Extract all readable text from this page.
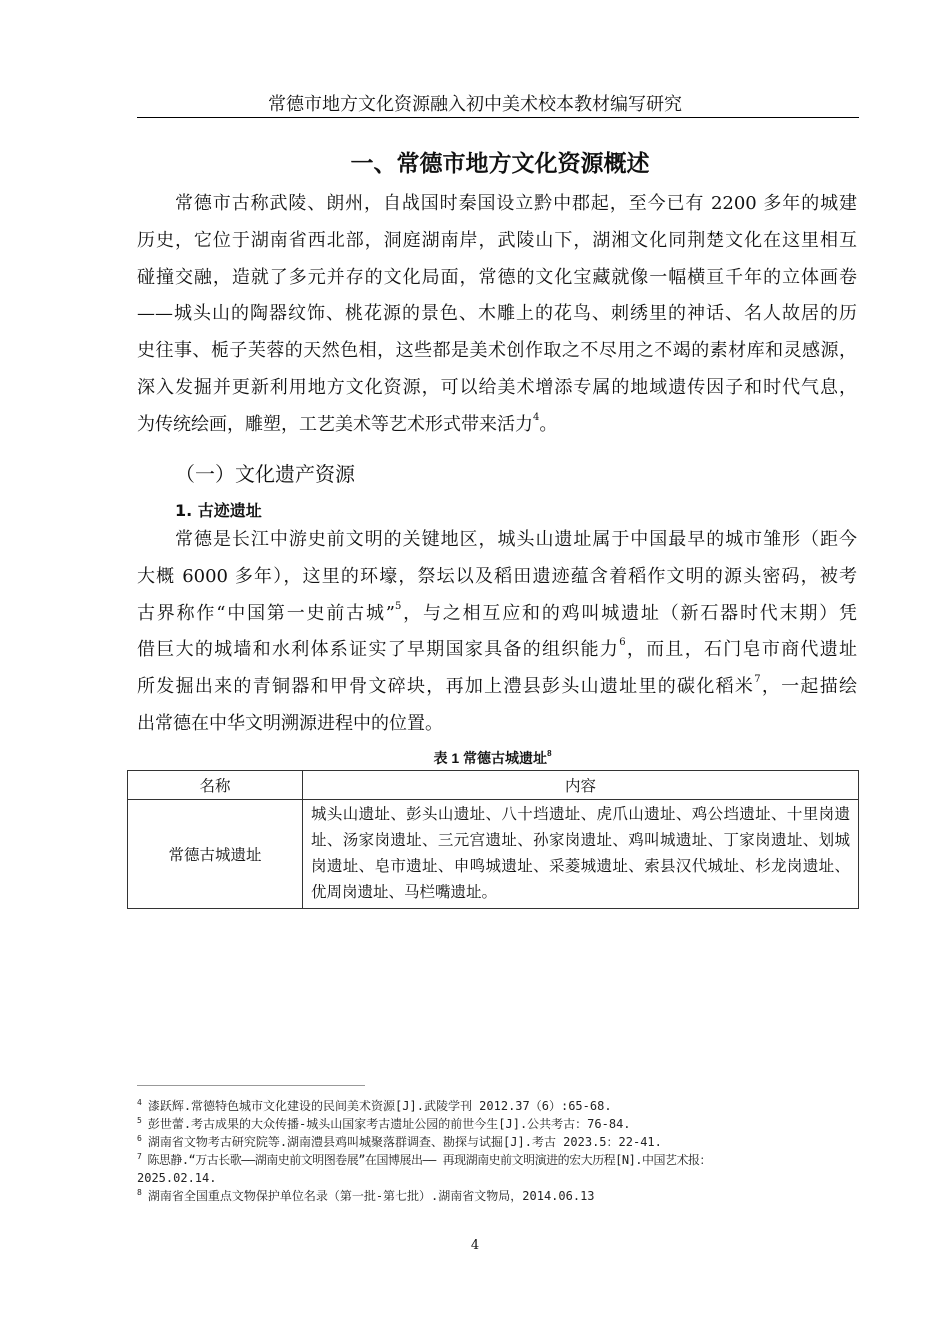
常德市地方文化资源融入初中美术校本教材编写研究
一、常德市地方文化资源概述
常德市古称武陵、朗州，自战国时秦国设立黔中郡起，至今已有 2200 多年的城建
历史，它位于湖南省西北部，洞庭湖南岸，武陵山下，湖湘文化同荆楚文化在这里相互
碰撞交融，造就了多元并存的文化局面，常德的文化宝藏就像一幅横亘千年的立体画卷
——城头山的陶器纹饰、桃花源的景色、木雕上的花鸟、刺绣里的神话、名人故居的历
史往事、栀子芙蓉的天然色相，这些都是美术创作取之不尽用之不竭的素材库和灵感源，
深入发掘并更新利用地方文化资源，可以给美术增添专属的地域遗传因子和时代气息，
为传统绘画，雕塑，工艺美术等艺术形式带来活力$^4$。
（一）文化遗产资源
1. 古迹遗址
常德是长江中游史前文明的关键地区，城头山遗址属于中国最早的城市雏形（距今
大概 6000 多年），这里的环壕，祭坛以及稻田遗迹蕴含着稻作文明的源头密码，被考
古界称作“中国第一史前古城”$^5$，与之相互应和的鸡叫城遗址（新石器时代末期）凭
借巨大的城墙和水利体系证实了早期国家具备的组织能力$^6$，而且，石门皂市商代遗址
所发掘出来的青铜器和甲骨文碎块，再加上澧县彭头山遗址里的碳化稻米$^7$，一起描绘
出常德在中华文明溯源进程中的位置。
表 1 常德古城遗址$^8$
名称	内容
常德古城遗址	城头山遗址、彭头山遗址、八十垱遗址、虎爪山遗址、鸡公垱遗址、十里岗遗址、汤家岗遗址、三元宫遗址、孙家岗遗址、鸡叫城遗址、丁家岗遗址、划城岗遗址、皂市遗址、申鸣城遗址、采菱城遗址、索县汉代城址、杉龙岗遗址、优周岗遗址、马栏嘴遗址。
$^4$ 漆跃辉.常德特色城市文化建设的民间美术资源[J].武陵学刊 2012.37（6）:65-68.
$^5$ 彭世蕾.考古成果的大众传播-城头山国家考古遗址公园的前世今生[J].公共考古：76-84.
$^6$ 湖南省文物考古研究院等.湖南澧县鸡叫城聚落群调查、勘探与试掘[J].考古 2023.5：22-41.
$^7$ 陈思静.“万古长歌——湖南史前文明图卷展”在国博展出—— 再现湖南史前文明演进的宏大历程[N].中国艺术报：
2025.02.14.
$^8$ 湖南省全国重点文物保护单位名录（第一批-第七批）.湖南省文物局，2014.06.13
4
